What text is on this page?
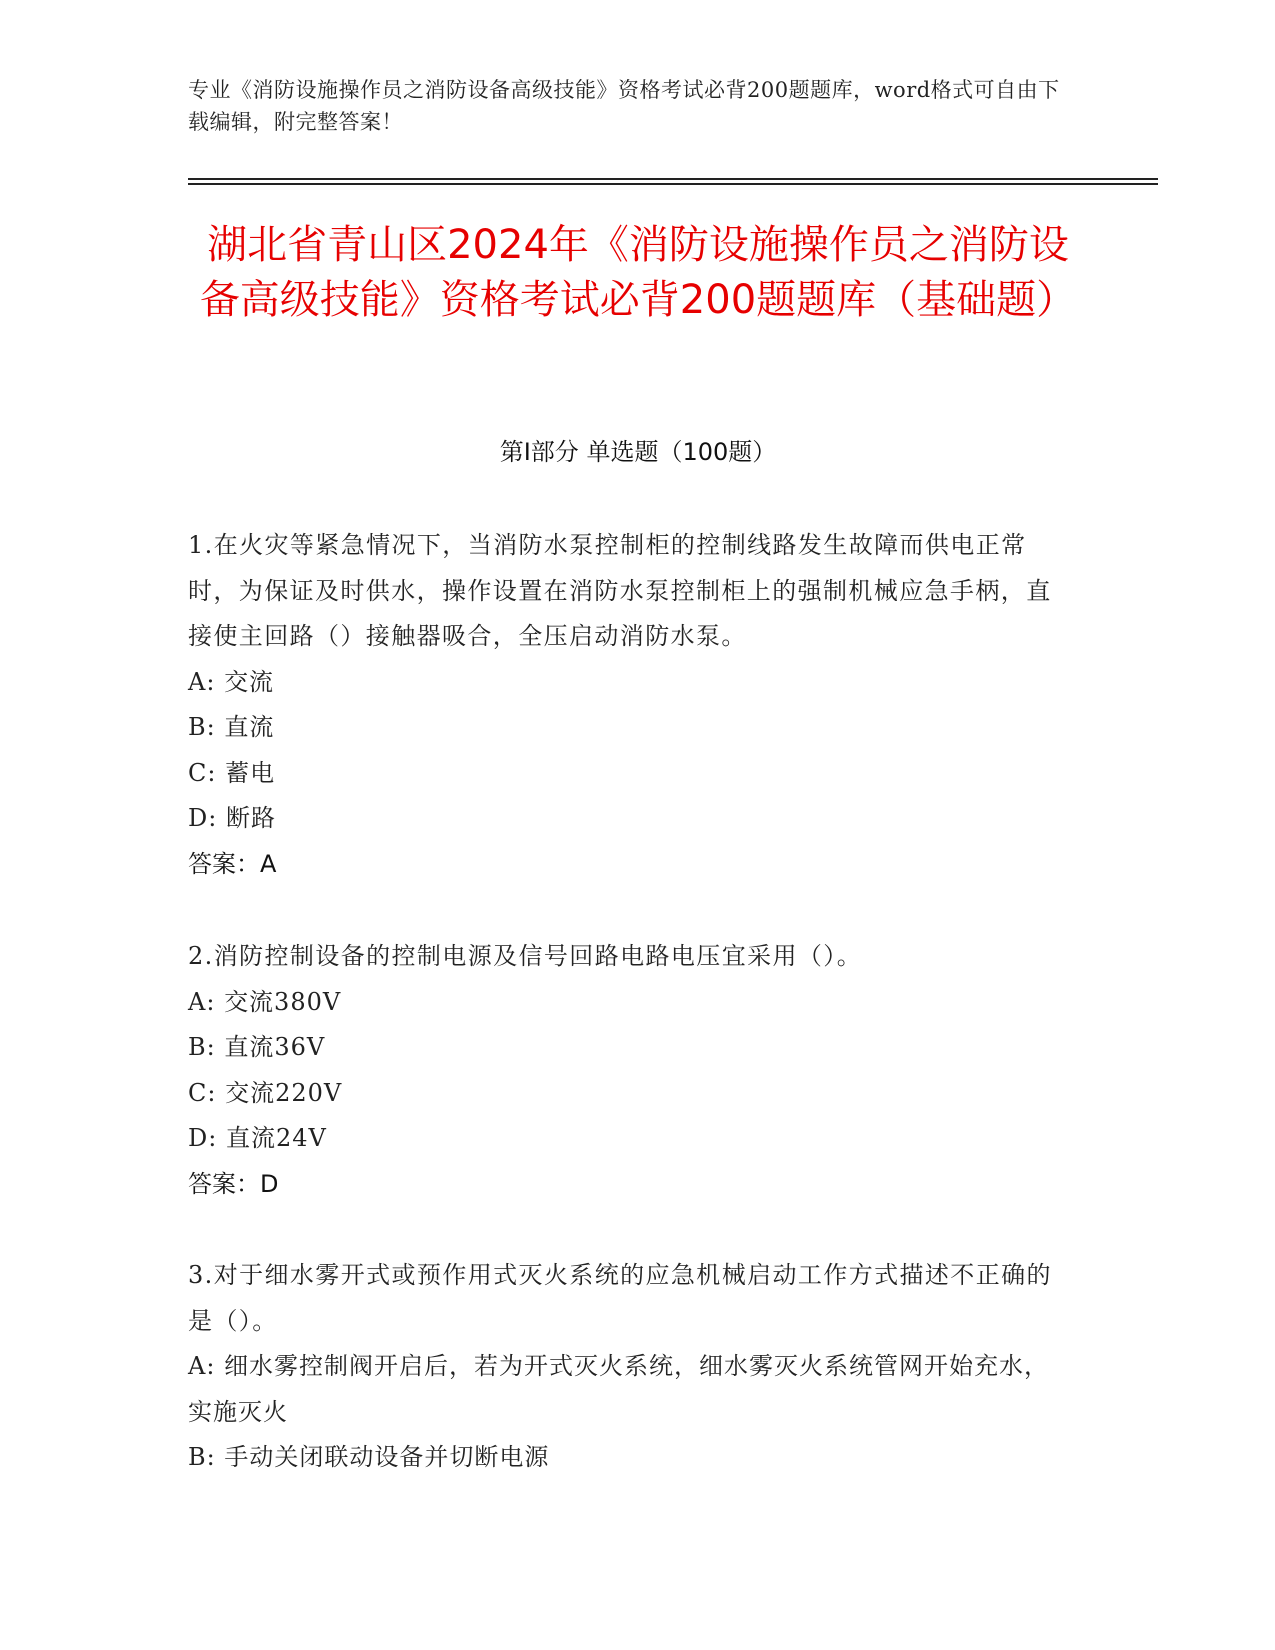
专业《消防设施操作员之消防设备高级技能》资格考试必背200题题库，word格式可自由下载编辑，附完整答案！
湖北省青山区2024年《消防设施操作员之消防设备高级技能》资格考试必背200题题库（基础题）
第I部分 单选题（100题）

1.在火灾等紧急情况下，当消防水泵控制柜的控制线路发生故障而供电正常时，为保证及时供水，操作设置在消防水泵控制柜上的强制机械应急手柄，直接使主回路（）接触器吸合，全压启动消防水泵。

A: 交流

B: 直流

C: 蓄电

D: 断路

答案：A

2.消防控制设备的控制电源及信号回路电路电压宜采用（）。

A: 交流380V

B: 直流36V

C: 交流220V

D: 直流24V

答案：D

3.对于细水雾开式或预作用式灭火系统的应急机械启动工作方式描述不正确的是（）。

A: 细水雾控制阀开启后，若为开式灭火系统，细水雾灭火系统管网开始充水，实施灭火

B: 手动关闭联动设备并切断电源
